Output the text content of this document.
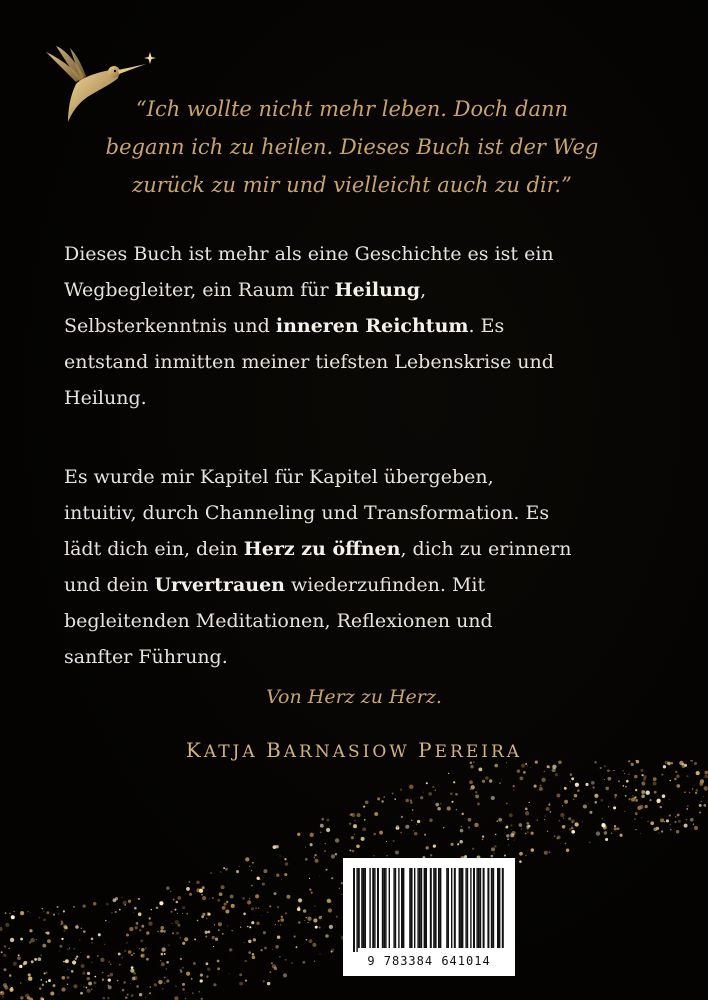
“Ich wollte nicht mehr leben. Doch dann
begann ich zu heilen. Dieses Buch ist der Weg
zurück zu mir und vielleicht auch zu dir.”

Dieses Buch ist mehr als eine Geschichte es ist ein
Wegbegleiter, ein Raum für Heilung,
Selbsterkenntnis und inneren Reichtum. Es
entstand inmitten meiner tiefsten Lebenskrise und
Heilung.

Es wurde mir Kapitel für Kapitel übergeben,
intuitiv, durch Channeling und Transformation. Es
lädt dich ein, dein Herz zu öffnen, dich zu erinnern
und dein Urvertrauen wiederzufinden. Mit
begleitenden Meditationen, Reflexionen und
sanfter Führung.

Von Herz zu Herz.
KATJA BARNASIOW PEREIRA
9 783384 641014
